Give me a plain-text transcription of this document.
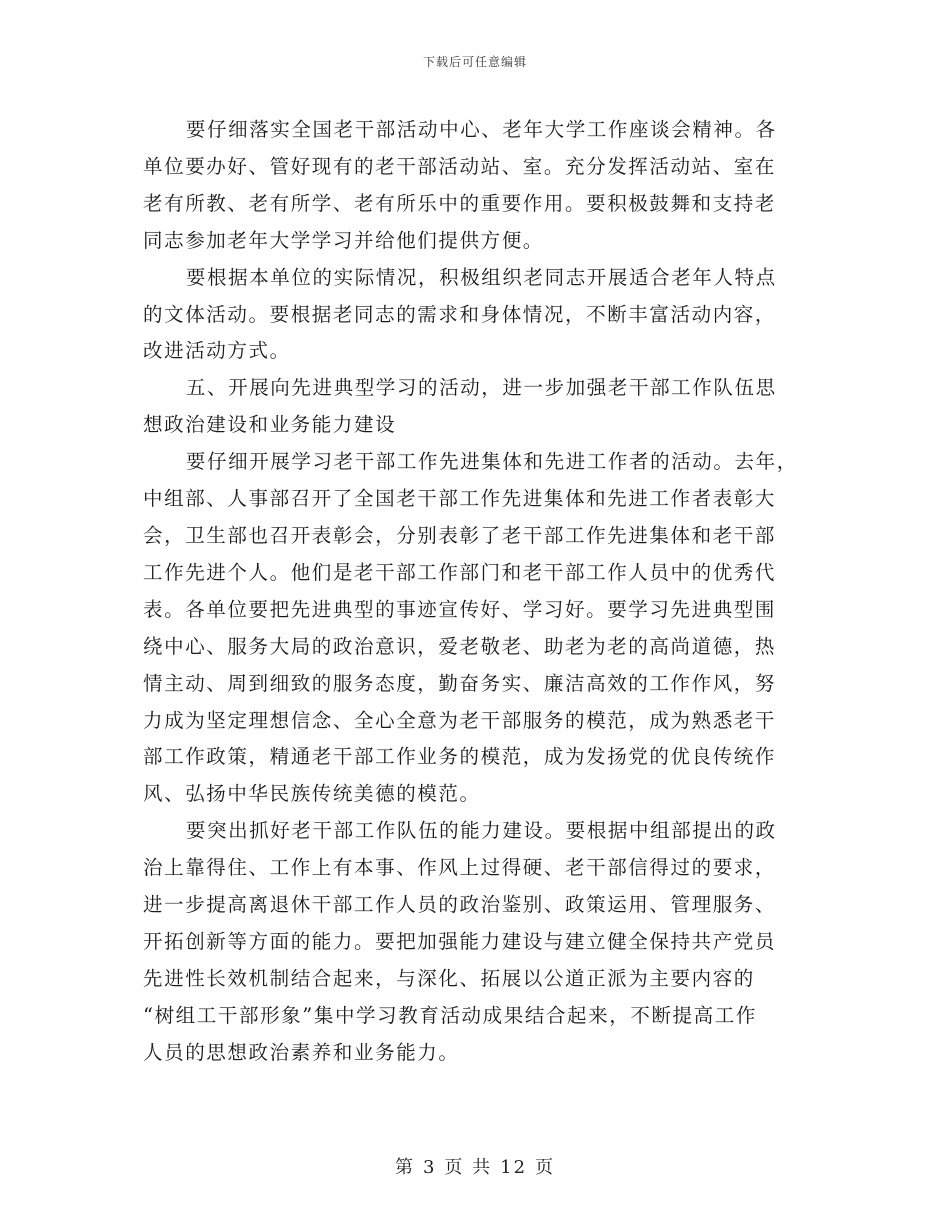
下载后可任意编辑

要仔细落实全国老干部活动中心、老年大学工作座谈会精神。各
单位要办好、管好现有的老干部活动站、室。充分发挥活动站、室在
老有所教、老有所学、老有所乐中的重要作用。要积极鼓舞和支持老
同志参加老年大学学习并给他们提供方便。

要根据本单位的实际情况，积极组织老同志开展适合老年人特点
的文体活动。要根据老同志的需求和身体情况，不断丰富活动内容，
改进活动方式。

五、开展向先进典型学习的活动，进一步加强老干部工作队伍思
想政治建设和业务能力建设

要仔细开展学习老干部工作先进集体和先进工作者的活动。去年，
中组部、人事部召开了全国老干部工作先进集体和先进工作者表彰大
会，卫生部也召开表彰会，分别表彰了老干部工作先进集体和老干部
工作先进个人。他们是老干部工作部门和老干部工作人员中的优秀代
表。各单位要把先进典型的事迹宣传好、学习好。要学习先进典型围
绕中心、服务大局的政治意识，爱老敬老、助老为老的高尚道德，热
情主动、周到细致的服务态度，勤奋务实、廉洁高效的工作作风，努
力成为坚定理想信念、全心全意为老干部服务的模范，成为熟悉老干
部工作政策，精通老干部工作业务的模范，成为发扬党的优良传统作
风、弘扬中华民族传统美德的模范。

要突出抓好老干部工作队伍的能力建设。要根据中组部提出的政
治上靠得住、工作上有本事、作风上过得硬、老干部信得过的要求，
进一步提高离退休干部工作人员的政治鉴别、政策运用、管理服务、
开拓创新等方面的能力。要把加强能力建设与建立健全保持共产党员
先进性长效机制结合起来，与深化、拓展以公道正派为主要内容的
“树组工干部形象”集中学习教育活动成果结合起来，不断提高工作
人员的思想政治素养和业务能力。

第 3 页 共 12 页
